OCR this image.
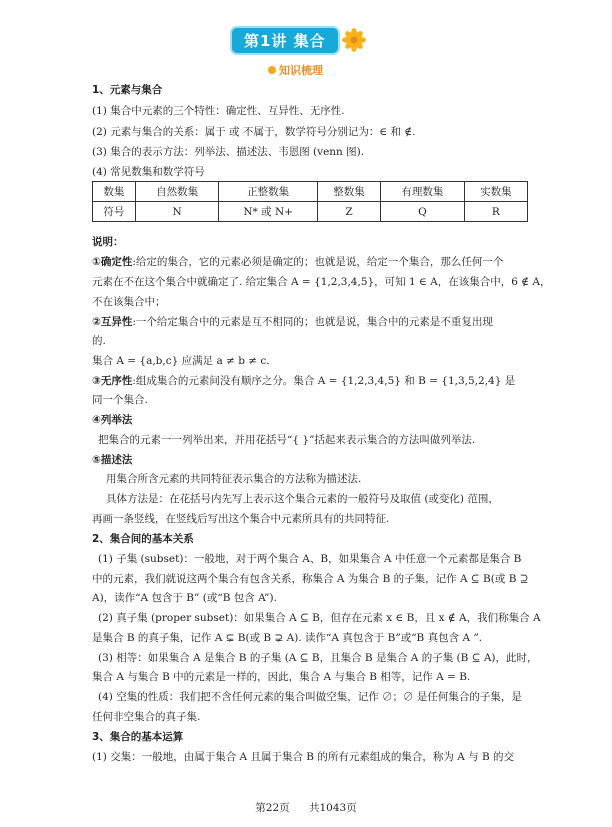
第1讲 集合
知识梳理
1、元素与集合
(1) 集合中元素的三个特性：确定性、互异性、无序性.
(2) 元素与集合的关系：属于 或 不属于，数学符号分别记为：∈ 和 ∉.
(3) 集合的表示方法：列举法、描述法、韦恩图 (venn 图).
(4) 常见数集和数学符号
数集	自然数集	正整数集	整数集	有理数集	实数集
符号	N	N* 或 N+	Z	Q	R
说明：
①确定性:给定的集合，它的元素必须是确定的；也就是说，给定一个集合，那么任何一个
元素在不在这个集合中就确定了. 给定集合 A = {1,2,3,4,5}，可知 1 ∈ A，在该集合中，6 ∉ A，
不在该集合中；
②互异性:一个给定集合中的元素是互不相同的；也就是说，集合中的元素是不重复出现
的.
集合 A = {a,b,c} 应满足 a ≠ b ≠ c.
③无序性:组成集合的元素间没有顺序之分。集合 A = {1,2,3,4,5} 和 B = {1,3,5,2,4} 是
同一个集合.
④列举法
把集合的元素一一列举出来，并用花括号“{ }”括起来表示集合的方法叫做列举法.
⑤描述法
用集合所含元素的共同特征表示集合的方法称为描述法.
具体方法是：在花括号内先写上表示这个集合元素的一般符号及取值 (或变化) 范围，
再画一条竖线，在竖线后写出这个集合中元素所具有的共同特征.
2、集合间的基本关系
(1) 子集 (subset)：一般地，对于两个集合 A、B，如果集合 A 中任意一个元素都是集合 B
中的元素，我们就说这两个集合有包含关系，称集合 A 为集合 B 的子集，记作 A ⊆ B(或 B ⊇
A)，读作“A 包含于 B” (或“B 包含 A”).
(2) 真子集 (proper subset)：如果集合 A ⊆ B，但存在元素 x ∈ B，且 x ∉ A，我们称集合 A
是集合 B 的真子集，记作 A ⊊ B(或 B ⊋ A). 读作“A 真包含于 B”或“B 真包含 A ”.
(3) 相等：如果集合 A 是集合 B 的子集 (A ⊆ B，且集合 B 是集合 A 的子集 (B ⊆ A)，此时，
集合 A 与集合 B 中的元素是一样的，因此，集合 A 与集合 B 相等，记作 A = B.
(4) 空集的性质：我们把不含任何元素的集合叫做空集，记作 ∅；∅ 是任何集合的子集，是
任何非空集合的真子集.
3、集合的基本运算
(1) 交集：一般地，由属于集合 A 且属于集合 B 的所有元素组成的集合，称为 A 与 B 的交
第22页 共1043页
